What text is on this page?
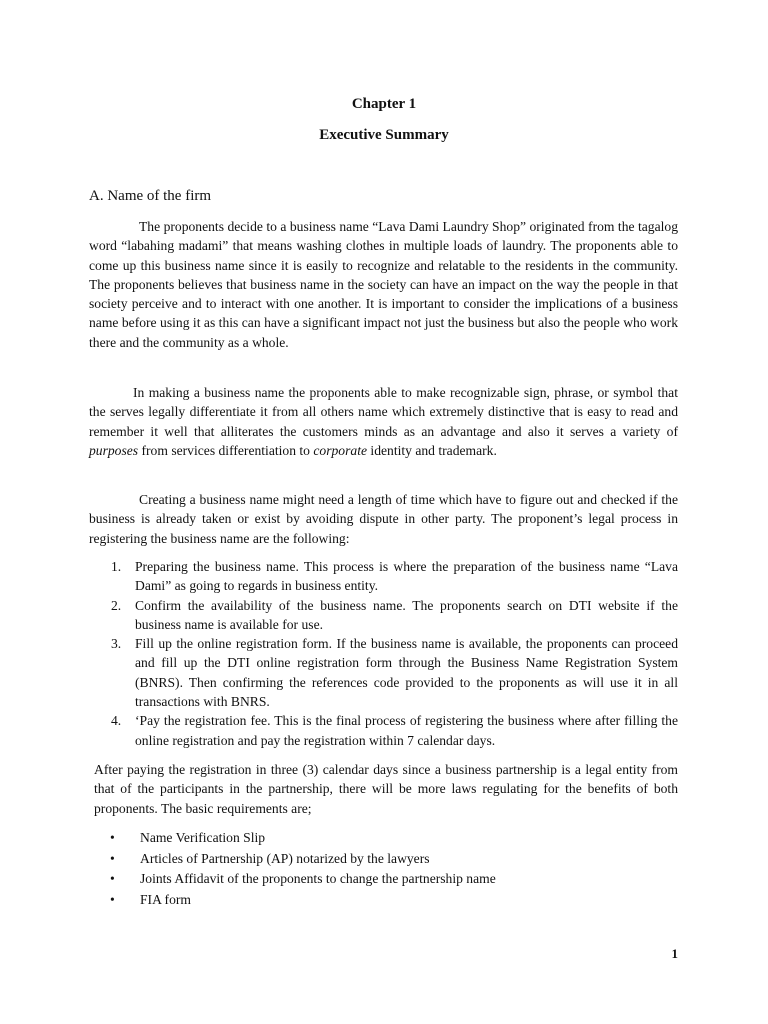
Chapter 1
Executive Summary
A. Name of the firm

The proponents decide to a business name “Lava Dami Laundry Shop” originated from the tagalog word “labahing madami” that means washing clothes in multiple loads of laundry. The proponents able to come up this business name since it is easily to recognize and relatable to the residents in the community. The proponents believes that business name in the society can have an impact on the way the people in that society perceive and to interact with one another. It is important to consider the implications of a business name before using it as this can have a significant impact not just the business but also the people who work there and the community as a whole.

In making a business name the proponents able to make recognizable sign, phrase, or symbol that the serves legally differentiate it from all others name which extremely distinctive that is easy to read and remember it well that alliterates the customers minds as an advantage and also it serves a variety of purposes from services differentiation to corporate identity and trademark.

Creating a business name might need a length of time which have to figure out and checked if the business is already taken or exist by avoiding dispute in other party. The proponent’s legal process in registering the business name are the following:

1. Preparing the business name. This process is where the preparation of the business name “Lava Dami” as going to regards in business entity.
2. Confirm the availability of the business name. The proponents search on DTI website if the business name is available for use.
3. Fill up the online registration form. If the business name is available, the proponents can proceed and fill up the DTI online registration form through the Business Name Registration System (BNRS). Then confirming the references code provided to the proponents as will use it in all transactions with BNRS.
4. ‘Pay the registration fee. This is the final process of registering the business where after filling the online registration and pay the registration within 7 calendar days.

After paying the registration in three (3) calendar days since a business partnership is a legal entity from that of the participants in the partnership, there will be more laws regulating for the benefits of both proponents. The basic requirements are;

• Name Verification Slip
• Articles of Partnership (AP) notarized by the lawyers
• Joints Affidavit of the proponents to change the partnership name
• FIA form
1
